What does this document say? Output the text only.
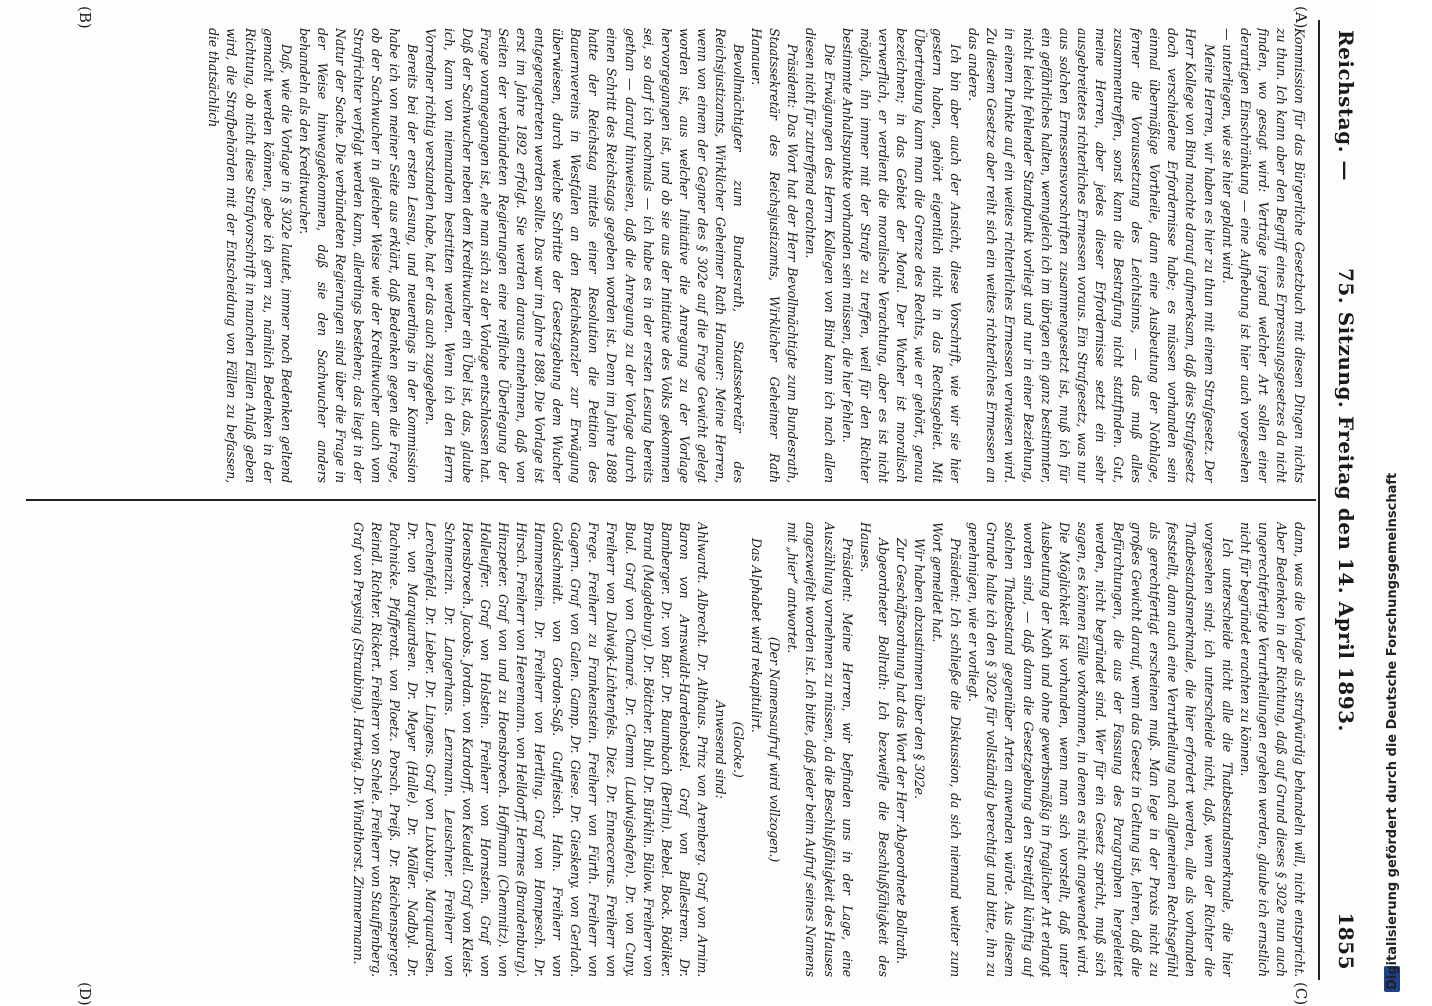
Reichstag. —
75. Sitzung. Freitag den 14. April 1893.
1855
(A)
(B)
(C)
(D)

Kommission für das Bürgerliche Gesetzbuch mit diesen Dingen nichts zu thun. Ich kann aber den Begriff eines Erpressungsgesetzes da nicht finden, wo gesagt wird: Verträge irgend welcher Art sollen einer derartigen Einschränkung — eine Aufhebung ist hier auch vorgesehen — unterliegen, wie sie hier geplant wird.

Meine Herren, wir haben es hier zu thun mit einem Strafgesetz. Der Herr Kollege von Bind machte darauf aufmerksam, daß dies Strafgesetz doch verschiedene Erfordernisse habe; es müssen vorhanden sein einmal übermäßige Vortheile, dann eine Ausbeutung der Nothlage, ferner die Voraussetzung des Leichtsinns, — das muß alles zusammentreffen, sonst kann die Bestrafung nicht stattfinden. Gut, meine Herren, aber jedes dieser Erfordernisse setzt ein sehr ausgebreitetes richterliches Ermessen voraus. Ein Strafgesetz, was nur aus solchen Ermessensvorschriften zusammengesetzt ist, muß ich für ein gefährliches halten, wenngleich ich im übrigen ein ganz bestimmter, nicht leicht fehlender Standpunkt vorliegt und nur in einer Beziehung, in einem Punkte auf ein weites richterliches Ermessen verwiesen wird. Zu diesem Gesetze aber reiht sich ein weites richterliches Ermessen an das andere.

Ich bin aber auch der Ansicht, diese Vorschrift, wie wir sie hier gestern haben, gehört eigentlich nicht in das Rechtsgebiet. Mit Übertreibung kann man die Grenze des Rechts, wie er gehört, genau bezeichnen; in das Gebiet der Moral. Der Wucher ist moralisch verwerflich, er verdient die moralische Verachtung, aber es ist nicht möglich, ihn immer mit der Strafe zu treffen, weil für den Richter bestimmte Anhaltspunkte vorhanden sein müssen, die hier fehlen.

Die Erwägungen des Herrn Kollegen von Bind kann ich nach allen diesen nicht für zutreffend erachten.

Präsident: Das Wort hat der Herr Bevollmächtigte zum Bundesrath, Staatssekretär des Reichsjustizamts, Wirklicher Geheimer Rath Hanauer.

Bevollmächtigter zum Bundesrath, Staatssekretär des Reichsjustizamts, Wirklicher Geheimer Rath Hanauer: Meine Herren, wenn von einem der Gegner des § 302e auf die Frage Gewicht gelegt worden ist, aus welcher Initiative die Anregung zu der Vorlage hervorgegangen ist, und ob sie aus der Initiative des Volks gekommen sei, so darf ich nochmals — ich habe es in der ersten Lesung bereits gethan — darauf hinweisen, daß die Anregung zu der Vorlage durch einen Schritt des Reichstags gegeben worden ist. Denn im Jahre 1888 hatte der Reichstag mittels einer Resolution die Petition des Bauernvereins in Westfalen an den Reichskanzler zur Erwägung überwiesen, durch welche Schritte der Gesetzgebung dem Wucher entgegengetreten werden sollte. Das war im Jahre 1888. Die Vorlage ist erst im Jahre 1892 erfolgt. Sie werden daraus entnehmen, daß von Seiten der verbündeten Regierungen eine reifliche Überlegung der Frage vorangegangen ist, ehe man sich zu der Vorlage entschlossen hat. Daß der Sachwucher neben dem Kreditwucher ein Übel ist, das, glaube ich, kann von niemandem bestritten werden. Wenn ich den Herrn Vorredner richtig verstanden habe, hat er das auch zugegeben.

Bereits bei der ersten Lesung, und neuerdings in der Kommission habe ich von meiner Seite aus erklärt, daß Bedenken gegen die Frage, ob der Sachwucher in gleicher Weise wie der Kreditwucher auch vom Strafrichter verfolgt werden kann, allerdings bestehen; das liegt in der Natur der Sache. Die verbündeten Regierungen sind über die Frage in der Weise hinweggekommen, daß sie den Sachwucher anders behandeln als den Kreditwucher.

Daß, wie die Vorlage in § 302e lautet, immer noch Bedenken geltend gemacht werden können, gebe ich gern zu, nämlich Bedenken in der Richtung, ob nicht diese Strafvorschrift in manchen Fällen Anlaß geben wird, die Strafbehörden mit der Entscheidung von Fällen zu befassen, die thatsächlich

dann, was die Vorlage als strafwürdig behandeln will, nicht entspricht. Aber Bedenken in der Richtung, daß auf Grund dieses § 302e nun auch ungerechtfertigte Verurtheilungen ergehen werden, glaube ich ernstlich nicht für begründet erachten zu können.

Ich unterscheide nicht alle die Thatbestandsmerkmale, die hier vorgesehen sind; ich unterscheide nicht, daß, wenn der Richter die Thatbestandsmerkmale, die hier erfordert werden, alle als vorhanden feststellt, dann auch eine Verurtheilung nach allgemeinen Rechtsgefühl als gerechtfertigt erscheinen muß. Man lege in der Praxis nicht zu großes Gewicht darauf, wenn das Gesetz in Geltung ist, lehren, daß die Befürchtungen, die aus der Fassung des Paragraphen hergeleitet werden, nicht begründet sind. Wer für ein Gesetz spricht, muß sich sagen, es können Fälle vorkommen, in denen es nicht angewendet wird. Die Möglichkeit ist vorhanden, wenn man sich vorstellt, daß unter Ausbeutung der Noth und ohne gewerbsmäßig in fraglicher Art erlangt worden sind, — daß dann die Gesetzgebung den Streitfall künftig auf solchen Thatbestand gegenüber Arten anwenden würde. Aus diesem Grunde halte ich den § 302e für vollständig berechtigt und bitte, ihn zu genehmigen, wie er vorliegt.

Präsident: Ich schließe die Diskussion, da sich niemand weiter zum Wort gemeldet hat.

Wir haben abzustimmen über den § 302e.

Zur Geschäftsordnung hat das Wort der Herr Abgeordnete Bollrath.

Abgeordneter Bollrath: Ich bezweifle die Beschlußfähigkeit des Hauses.

Präsident: Meine Herren, wir befinden uns in der Lage, eine Auszählung vornehmen zu müssen, da die Beschlußfähigkeit des Hauses angezweifelt worden ist. Ich bitte, daß jeder beim Aufruf seines Namens mit „hier“ antwortet.

(Der Namensaufruf wird vollzogen.)

Das Alphabet wird rekapitulirt.

(Glocke.)

Anwesend sind:

Ahlwardt. Albrecht. Dr. Althaus. Prinz von Arenberg. Graf von Arnim. Baron von Arnswaldt-Hardenbostel. Graf von Ballestrem. Dr. Bamberger. Dr. von Bar. Dr. Baumbach (Berlin). Bebel. Bock. Bödiker. Brand (Magdeburg). Dr. Böttcher. Buhl. Dr. Bürklin. Bülow. Freiherr von Buol. Graf von Chamaré. Dr. Clemm (Ludwigshafen). Dr. von Cuny. Freiherr von Dalwigk-Lichtenfels. Diez. Dr. Enneccerus. Freiherr von Frege. Freiherr zu Frankenstein. Freiherr von Fürth. Freiherr von Gagern. Graf von Galen. Gamp. Dr. Giese. Dr. Gieskeny. von Gerlach. Goldschmidt. von Gordon-Saß. Gutfleisch. Hahn. Freiherr von Hammerstein. Dr. Freiherr von Hertling. Graf von Hompesch. Dr. Hirsch. Freiherr von Heeremann. von Helldorff. Hermes (Brandenburg). Hinzpeter. Graf von und zu Hoensbroech. Hoffmann (Chemnitz). von Holleuffer. Graf von Holstein. Freiherr von Hornstein. Graf von Hoensbroech. Jacobs. Jordan. von Kardorff. von Keudell. Graf von Kleist-Schmenzin. Dr. Langerhans. Lenzmann. Leuschner. Freiherr von Lerchenfeld. Dr. Lieber. Dr. Lingens. Graf von Luxburg. Marquardsen. Dr. von Marquardsen. Dr. Meyer (Halle). Dr. Möller. Nadbyl. Dr. Pachnicke. Pfafferott. von Ploetz. Porsch. Preiß. Dr. Reichensperger. Reindl. Richter. Rickert. Freiherr von Schele. Freiherr von Stauffenberg. Graf von Preysing (Straubing). Hartwig. Dr. Windthorst. Zimmermann.	Digitalisierung gefördert durch die Deutsche Forschungsgemeinschaft
